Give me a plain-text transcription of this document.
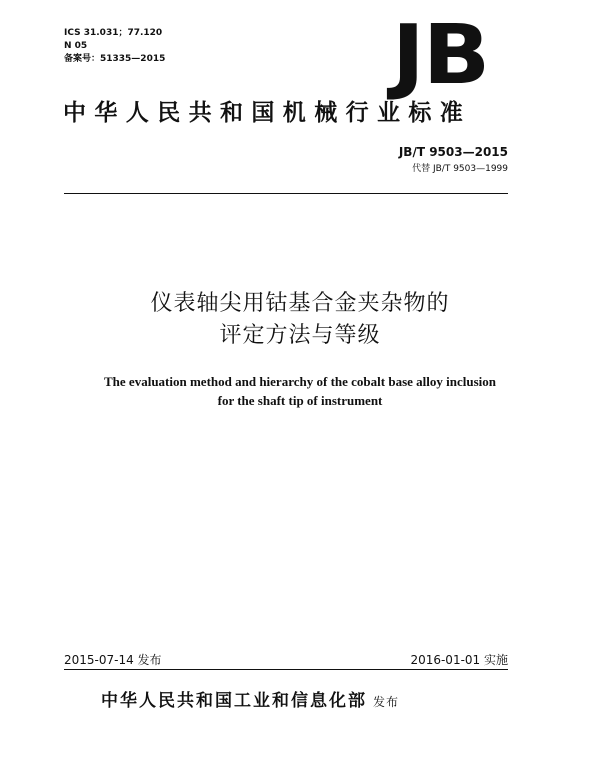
ICS 31.031；77.120
N 05
备案号：51335—2015	JB
中华人民共和国机械行业标准
JB/T 9503—2015
代替 JB/T 9503—1999
仪表轴尖用钴基合金夹杂物的
评定方法与等级
The evaluation method and hierarchy of the cobalt base alloy inclusion
for the shaft tip of instrument
2015-07-14 发布	2016-01-01 实施
中华人民共和国工业和信息化部 发布
